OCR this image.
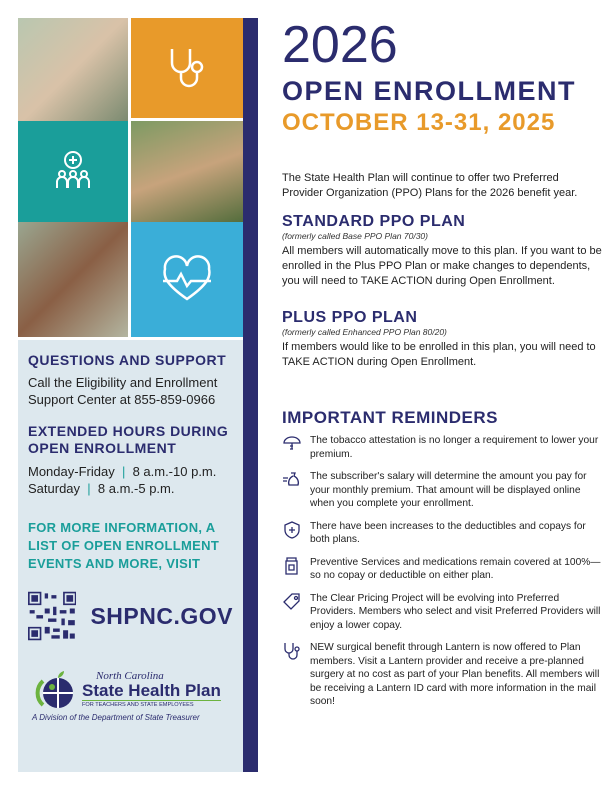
QUESTIONS AND SUPPORT
Call the Eligibility and Enrollment Support Center at 855-859-0966
EXTENDED HOURS DURING OPEN ENROLLMENT
Monday-Friday  |  8 a.m.-10 p.m.
Saturday  |  8 a.m.-5 p.m.
FOR MORE INFORMATION, A LIST OF OPEN ENROLLMENT EVENTS AND MORE, VISIT
SHPNC.GOV
North Carolina
State Health Plan
FOR TEACHERS AND STATE EMPLOYEES
A Division of the Department of State Treasurer
2026
OPEN ENROLLMENT
OCTOBER 13-31, 2025
The State Health Plan will continue to offer two Preferred Provider Organization (PPO) Plans for the 2026 benefit year.
STANDARD PPO PLAN
(formerly called Base PPO Plan 70/30)
All members will automatically move to this plan. If you want to be enrolled in the Plus PPO Plan or make changes to dependents, you will need to TAKE ACTION during Open Enrollment.
PLUS PPO PLAN
(formerly called Enhanced PPO Plan 80/20)
If members would like to be enrolled in this plan, you will need to TAKE ACTION during Open Enrollment.
IMPORTANT REMINDERS
The tobacco attestation is no longer a requirement to lower your premium.
The subscriber's salary will determine the amount you pay for your monthly premium. That amount will be displayed online when you complete your enrollment.
There have been increases to the deductibles and copays for both plans.
Preventive Services and medications remain covered at 100%—so no copay or deductible on either plan.
The Clear Pricing Project will be evolving into Preferred Providers. Members who select and visit Preferred Providers will enjoy a lower copay.
NEW surgical benefit through Lantern is now offered to Plan members. Visit a Lantern provider and receive a pre-planned surgery at no cost as part of your Plan benefits. All members will be receiving a Lantern ID card with more information in the mail soon!
